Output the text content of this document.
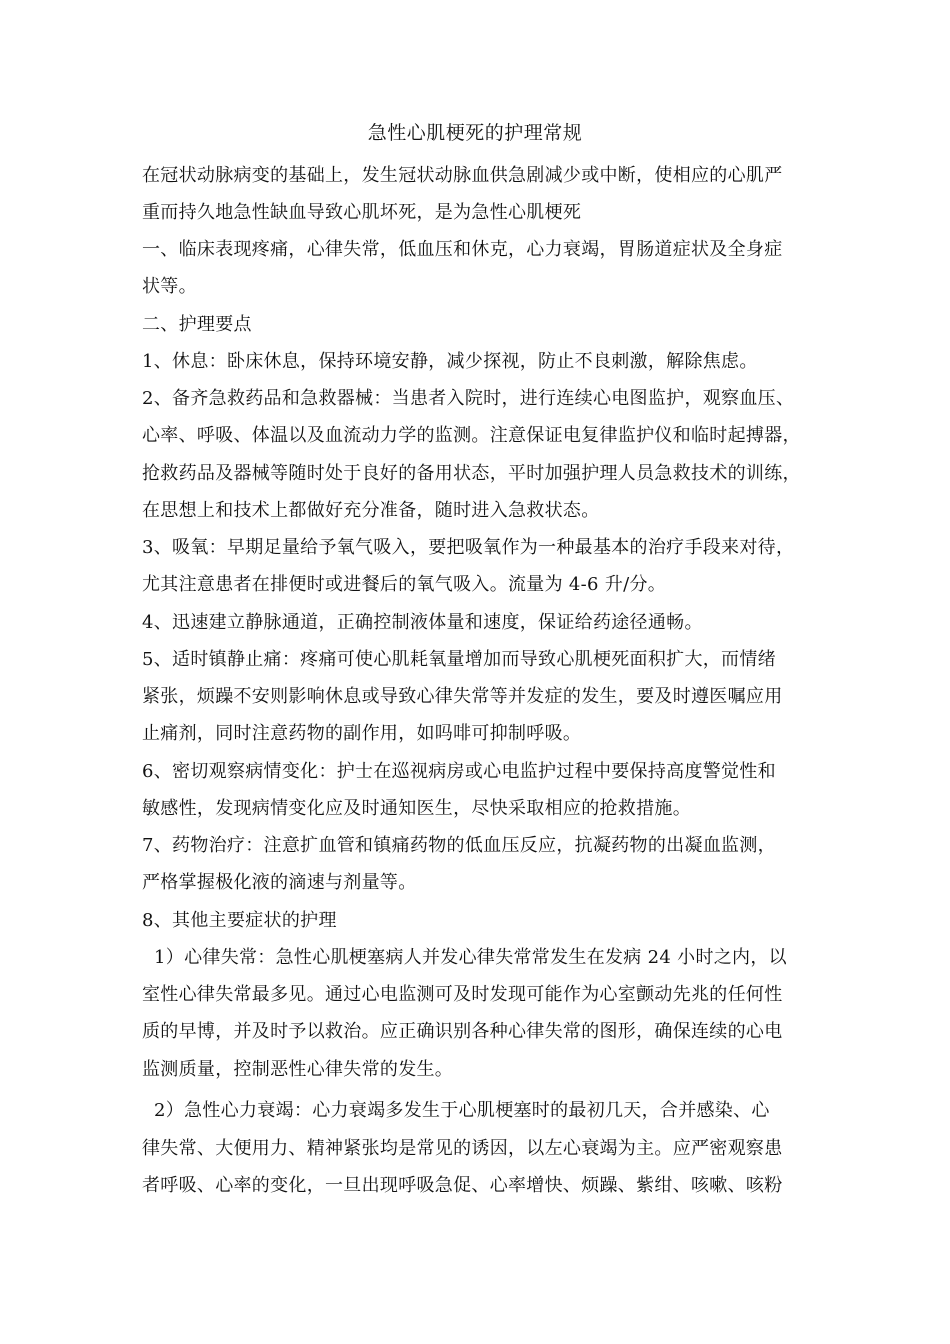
急性心肌梗死的护理常规
在冠状动脉病变的基础上，发生冠状动脉血供急剧减少或中断，使相应的心肌严
重而持久地急性缺血导致心肌坏死，是为急性心肌梗死
一、临床表现疼痛，心律失常，低血压和休克，心力衰竭，胃肠道症状及全身症
状等。
二、护理要点
1、休息：卧床休息，保持环境安静，减少探视，防止不良刺激，解除焦虑。
2、备齐急救药品和急救器械：当患者入院时，进行连续心电图监护，观察血压、
心率、呼吸、体温以及血流动力学的监测。注意保证电复律监护仪和临时起搏器，
抢救药品及器械等随时处于良好的备用状态，平时加强护理人员急救技术的训练，
在思想上和技术上都做好充分准备，随时进入急救状态。
3、吸氧：早期足量给予氧气吸入，要把吸氧作为一种最基本的治疗手段来对待，
尤其注意患者在排便时或进餐后的氧气吸入。流量为 4-6 升/分。
4、迅速建立静脉通道，正确控制液体量和速度，保证给药途径通畅。
5、适时镇静止痛：疼痛可使心肌耗氧量增加而导致心肌梗死面积扩大，而情绪
紧张，烦躁不安则影响休息或导致心律失常等并发症的发生，要及时遵医嘱应用
止痛剂，同时注意药物的副作用，如吗啡可抑制呼吸。
6、密切观察病情变化：护士在巡视病房或心电监护过程中要保持高度警觉性和
敏感性，发现病情变化应及时通知医生，尽快采取相应的抢救措施。
7、药物治疗：注意扩血管和镇痛药物的低血压反应，抗凝药物的出凝血监测，
严格掌握极化液的滴速与剂量等。
8、其他主要症状的护理
1）心律失常：急性心肌梗塞病人并发心律失常常发生在发病 24 小时之内，以
室性心律失常最多见。通过心电监测可及时发现可能作为心室颤动先兆的任何性
质的早博，并及时予以救治。应正确识别各种心律失常的图形，确保连续的心电
监测质量，控制恶性心律失常的发生。
2）急性心力衰竭：心力衰竭多发生于心肌梗塞时的最初几天，合并感染、心
律失常、大便用力、精神紧张均是常见的诱因，以左心衰竭为主。应严密观察患
者呼吸、心率的变化，一旦出现呼吸急促、心率增快、烦躁、紫绀、咳嗽、咳粉
